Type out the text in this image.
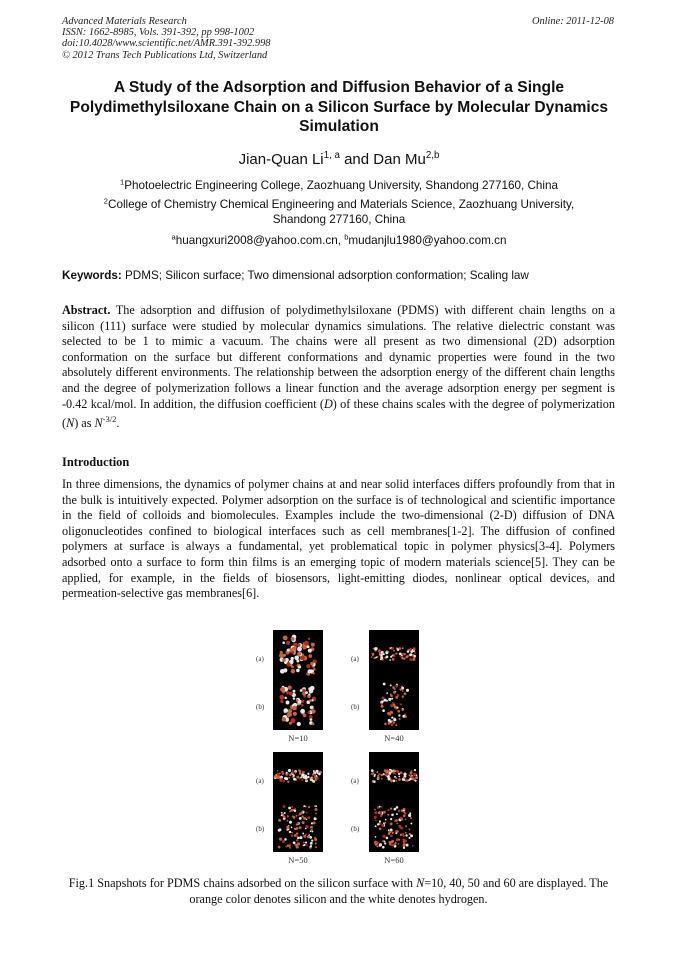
Advanced Materials Research
ISSN: 1662-8985, Vols. 391-392, pp 998-1002
doi:10.4028/www.scientific.net/AMR.391-392.998
© 2012 Trans Tech Publications Ltd, Switzerland
Online: 2011-12-08
A Study of the Adsorption and Diffusion Behavior of a Single Polydimethylsiloxane Chain on a Silicon Surface by Molecular Dynamics Simulation
Jian-Quan Li$^{1, a}$ and Dan Mu$^{2,b}$
$^1$Photoelectric Engineering College, Zaozhuang University, Shandong 277160, China
$^2$College of Chemistry Chemical Engineering and Materials Science, Zaozhuang University, Shandong 277160, China
$^a$huangxuri2008@yahoo.com.cn, $^b$mudanjlu1980@yahoo.com.cn
Keywords: PDMS; Silicon surface; Two dimensional adsorption conformation; Scaling law

Abstract. The adsorption and diffusion of polydimethylsiloxane (PDMS) with different chain lengths on a silicon (111) surface were studied by molecular dynamics simulations. The relative dielectric constant was selected to be 1 to mimic a vacuum. The chains were all present as two dimensional (2D) adsorption conformation on the surface but different conformations and dynamic properties were found in the two absolutely different environments. The relationship between the adsorption energy of the different chain lengths and the degree of polymerization follows a linear function and the average adsorption energy per segment is -0.42 kcal/mol. In addition, the diffusion coefficient (D) of these chains scales with the degree of polymerization (N) as $N^{-3/2}$.

Introduction

In three dimensions, the dynamics of polymer chains at and near solid interfaces differs profoundly from that in the bulk is intuitively expected. Polymer adsorption on the surface is of technological and scientific importance in the field of colloids and biomolecules. Examples include the two-dimensional (2-D) diffusion of DNA oligonucleotides confined to biological interfaces such as cell membranes[1-2]. The diffusion of confined polymers at surface is always a fundamental, yet problematical topic in polymer physics[3-4]. Polymers adsorbed onto a surface to form thin films is an emerging topic of modern materials science[5]. They can be applied, for example, in the fields of biosensors, light-emitting diodes, nonlinear optical devices, and permeation-selective gas membranes[6].

(a)
(b)
(a)
(b)
(a)
(b)
(a)
(b)
N=10	N=40
N=50	N=60

Fig.1 Snapshots for PDMS chains adsorbed on the silicon surface with N=10, 40, 50 and 60 are displayed. The orange color denotes silicon and the white denotes hydrogen.
